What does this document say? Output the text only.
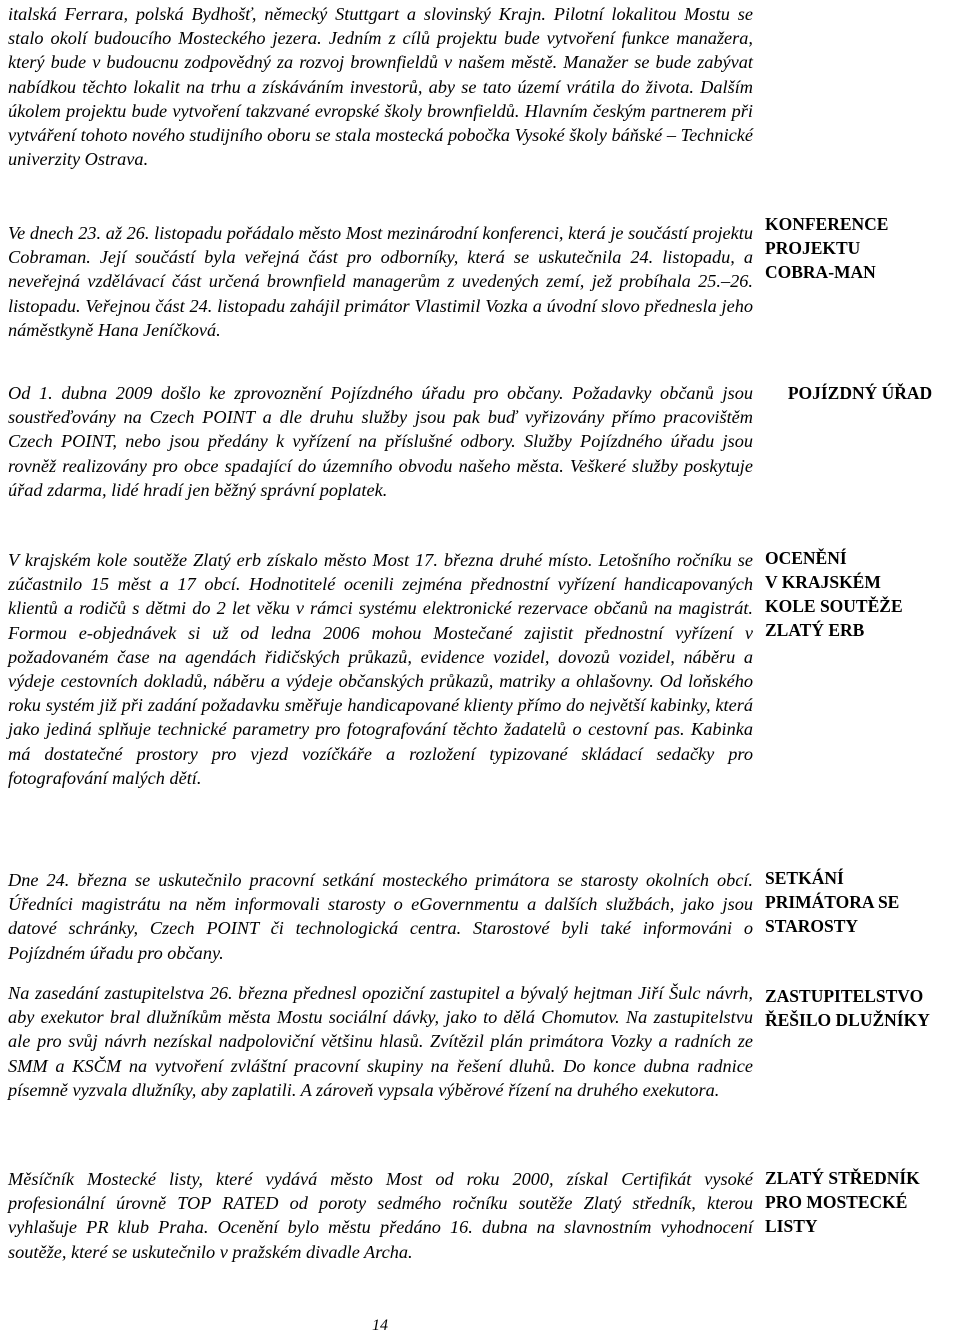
italská Ferrara, polská Bydhošť, německý Stuttgart a slovinský Krajn. Pilotní lokalitou Mostu se stalo okolí budoucího Mosteckého jezera. Jedním z cílů projektu bude vytvoření funkce manažera, který bude v budoucnu zodpovědný za rozvoj brownfieldů v našem městě. Manažer se bude zabývat nabídkou těchto lokalit na trhu a získáváním investorů, aby se tato území vrátila do života. Dalším úkolem projektu bude vytvoření takzvané evropské školy brownfieldů. Hlavním českým partnerem při vytváření tohoto nového studijního oboru se stala mostecká pobočka Vysoké školy báňské – Technické univerzity Ostrava.

Ve dnech 23. až 26. listopadu pořádalo město Most mezinárodní konferenci, která je součástí projektu Cobraman. Její součástí byla veřejná část pro odborníky, která se uskutečnila 24. listopadu, a neveřejná vzdělávací část určená brownfield managerům z uvedených zemí, jež probíhala 25.–26. listopadu. Veřejnou část 24. listopadu zahájil primátor Vlastimil Vozka a úvodní slovo přednesla jeho náměstkyně Hana Jeníčková.

KONFERENCE
PROJEKTU
COBRA-MAN

Od 1. dubna 2009 došlo ke zprovoznění Pojízdného úřadu pro občany. Požadavky občanů jsou soustřeďovány na Czech POINT a dle druhu služby jsou pak buď vyřizovány přímo pracovištěm Czech POINT, nebo jsou předány k vyřízení na příslušné odbory. Služby Pojízdného úřadu jsou rovněž realizovány pro obce spadající do územního obvodu našeho města. Veškeré služby poskytuje úřad zdarma, lidé hradí jen běžný správní poplatek.

POJÍZDNÝ ÚŘAD

V krajském kole soutěže Zlatý erb získalo město Most 17. března druhé místo. Letošního ročníku se zúčastnilo 15 měst a 17 obcí. Hodnotitelé ocenili zejména přednostní vyřízení handicapovaných klientů a rodičů s dětmi do 2 let věku v rámci systému elektronické rezervace občanů na magistrát. Formou e-objednávek si už od ledna 2006 mohou Mostečané zajistit přednostní vyřízení v požadovaném čase na agendách řidičských průkazů, evidence vozidel, dovozů vozidel, náběru a výdeje cestovních dokladů, náběru a výdeje občanských průkazů, matriky a ohlašovny. Od loňského roku systém již při zadání požadavku směřuje handicapované klienty přímo do největší kabinky, která jako jediná splňuje technické parametry pro fotografování těchto žadatelů o cestovní pas. Kabinka má dostatečné prostory pro vjezd vozíčkáře a rozložení typizované skládací sedačky pro fotografování malých dětí.

OCENĚNÍ
V KRAJSKÉM
KOLE SOUTĚŽE
ZLATÝ ERB

Dne 24. března se uskutečnilo pracovní setkání mosteckého primátora se starosty okolních obcí. Úředníci magistrátu na něm informovali starosty o eGovernmentu a dalších službách, jako jsou datové schránky, Czech POINT či technologická centra. Starostové byli také informováni o Pojízdném úřadu pro občany.

SETKÁNÍ
PRIMÁTORA SE
STAROSTY

Na zasedání zastupitelstva 26. března přednesl opoziční zastupitel a bývalý hejtman Jiří Šulc návrh, aby exekutor bral dlužníkům města Mostu sociální dávky, jako to dělá Chomutov. Na zastupitelstvu ale pro svůj návrh nezískal nadpoloviční většinu hlasů. Zvítězil plán primátora Vozky a radních ze SMM a KSČM na vytvoření zvláštní pracovní skupiny na řešení dluhů. Do konce dubna radnice písemně vyzvala dlužníky, aby zaplatili. A zároveň vypsala výběrové řízení na druhého exekutora.

ZASTUPITELSTVO
ŘEŠILO DLUŽNÍKY

Měsíčník Mostecké listy, které vydává město Most od roku 2000, získal Certifikát vysoké profesionální úrovně TOP RATED od poroty sedmého ročníku soutěže Zlatý středník, kterou vyhlašuje PR klub Praha. Ocenění bylo městu předáno 16. dubna na slavnostním vyhodnocení soutěže, které se uskutečnilo v pražském divadle Archa.

ZLATÝ STŘEDNÍK
PRO MOSTECKÉ
LISTY
14
